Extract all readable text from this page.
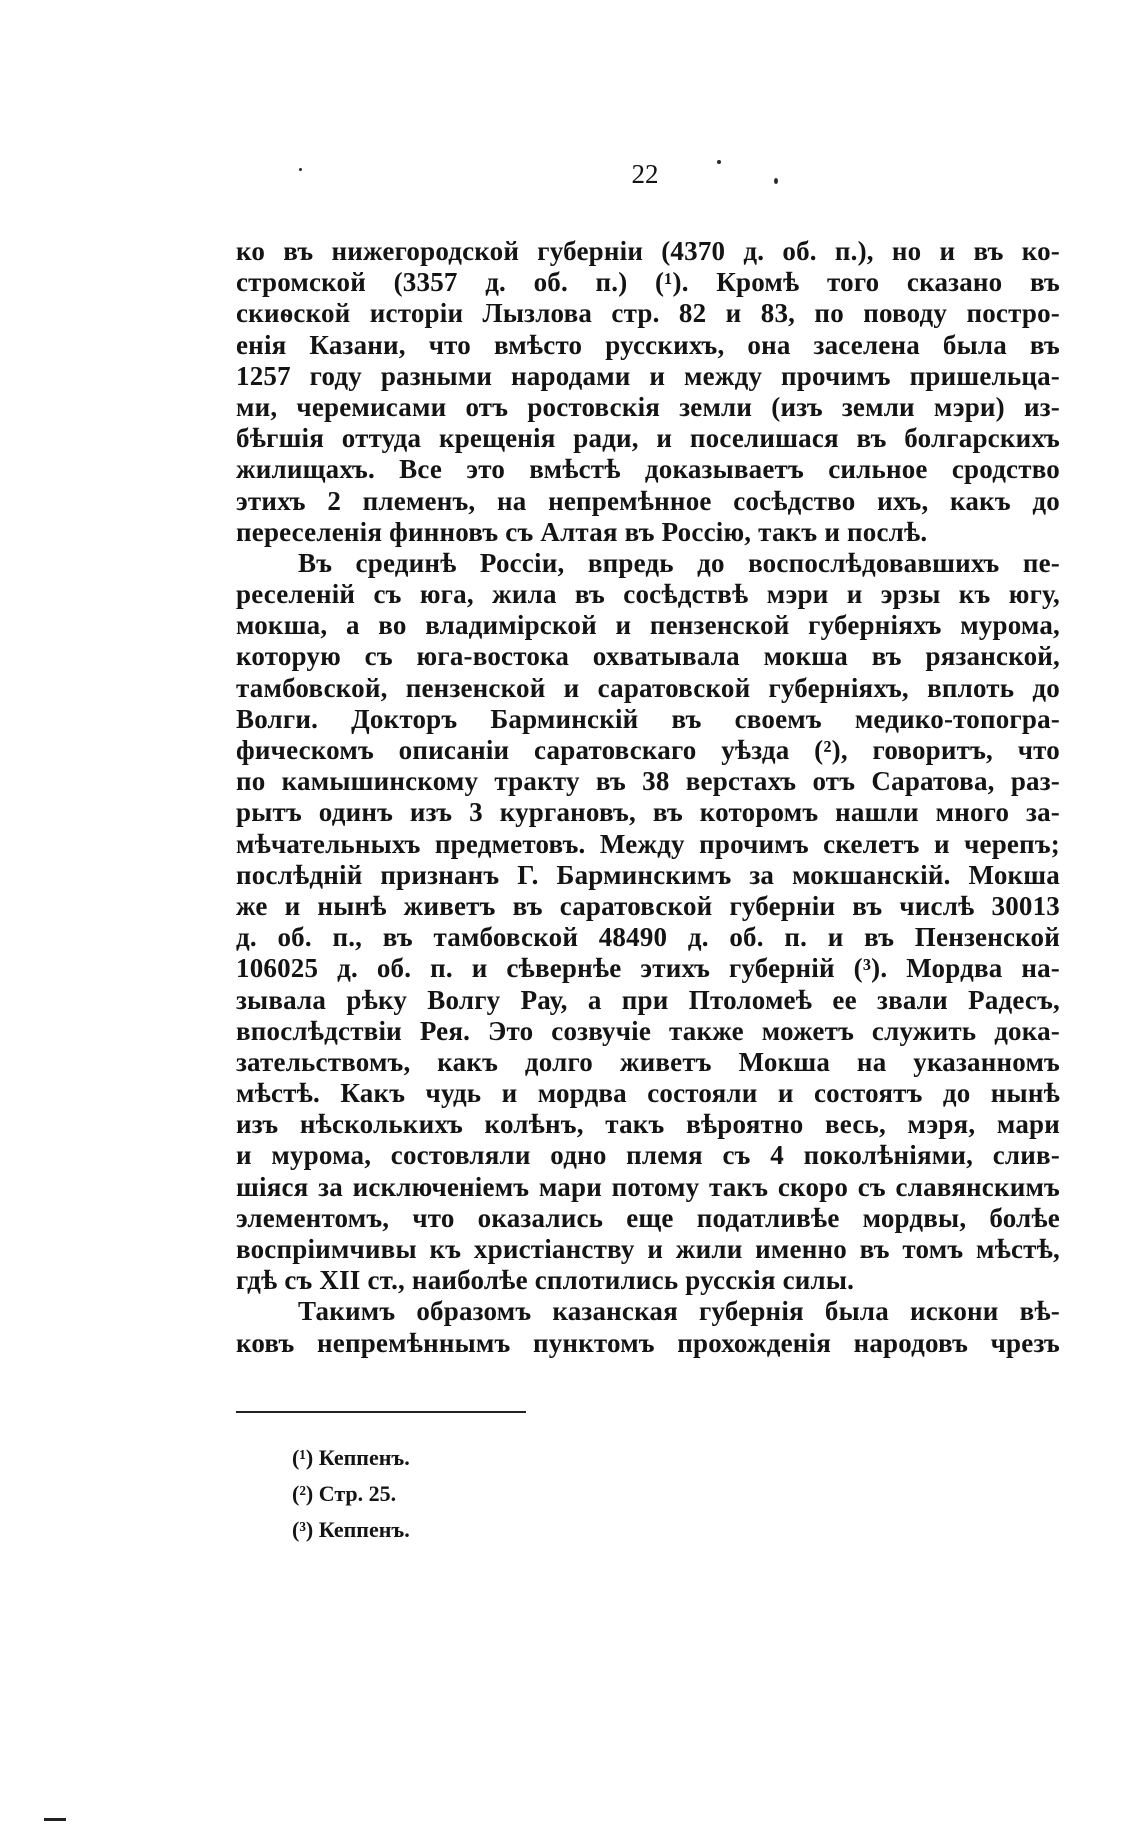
22
ко въ нижегородской губерніи (4370 д. об. п.), но и въ ко-
стромской (3357 д. об. п.) (¹). Кромѣ того сказано въ
скиѳской исторіи Лызлова стр. 82 и 83, по поводу постро-
енія Казани, что вмѣсто русскихъ, она заселена была въ
1257 году разными народами и между прочимъ пришельца-
ми, черемисами отъ ростовскія земли (изъ земли мэри) из-
бѣгшія оттуда крещенія ради, и поселишася въ болгарскихъ
жилищахъ. Все это вмѣстѣ доказываетъ сильное сродство
этихъ 2 племенъ, на непремѣнное сосѣдство ихъ, какъ до
переселенія финновъ съ Алтая въ Россію, такъ и послѣ.
Въ срединѣ Россіи, впредь до воспослѣдовавшихъ пе-
реселеній съ юга, жила въ сосѣдствѣ мэри и эрзы къ югу,
мокша, а во владимірской и пензенской губерніяхъ мурома,
которую съ юга-востока охватывала мокша въ рязанской,
тамбовской, пензенской и саратовской губерніяхъ, вплоть до
Волги. Докторъ Барминскій въ своемъ медико-топогра-
фическомъ описаніи саратовскаго уѣзда (²), говоритъ, что
по камышинскому тракту въ 38 верстахъ отъ Саратова, раз-
рытъ одинъ изъ 3 кургановъ, въ которомъ нашли много за-
мѣчательныхъ предметовъ. Между прочимъ скелетъ и черепъ;
послѣдній признанъ Г. Барминскимъ за мокшанскій. Мокша
же и нынѣ живетъ въ саратовской губерніи въ числѣ 30013
д. об. п., въ тамбовской 48490 д. об. п. и въ Пензенской
106025 д. об. п. и сѣвернѣе этихъ губерній (³). Мордва на-
зывала рѣку Волгу Рау, а при Птоломеѣ ее звали Радесъ,
впослѣдствіи Рея. Это созвучіе также можетъ служить дока-
зательствомъ, какъ долго живетъ Мокша на указанномъ
мѣстѣ. Какъ чудь и мордва состояли и состоятъ до нынѣ
изъ нѣсколькихъ колѣнъ, такъ вѣроятно весь, мэря, мари
и мурома, состовляли одно племя съ 4 поколѣніями, слив-
шіяся за исключеніемъ мари потому такъ скоро съ славянскимъ
элементомъ, что оказались еще податливѣе мордвы, болѣе
воспріимчивы къ христіанству и жили именно въ томъ мѣстѣ,
гдѣ съ XII ст., наиболѣе сплотились русскія силы.
Такимъ образомъ казанская губернія была искони вѣ-
ковъ непремѣннымъ пунктомъ прохожденія народовъ чрезъ
(¹) Кеппенъ.
(²) Стр. 25.
(³) Кеппенъ.
